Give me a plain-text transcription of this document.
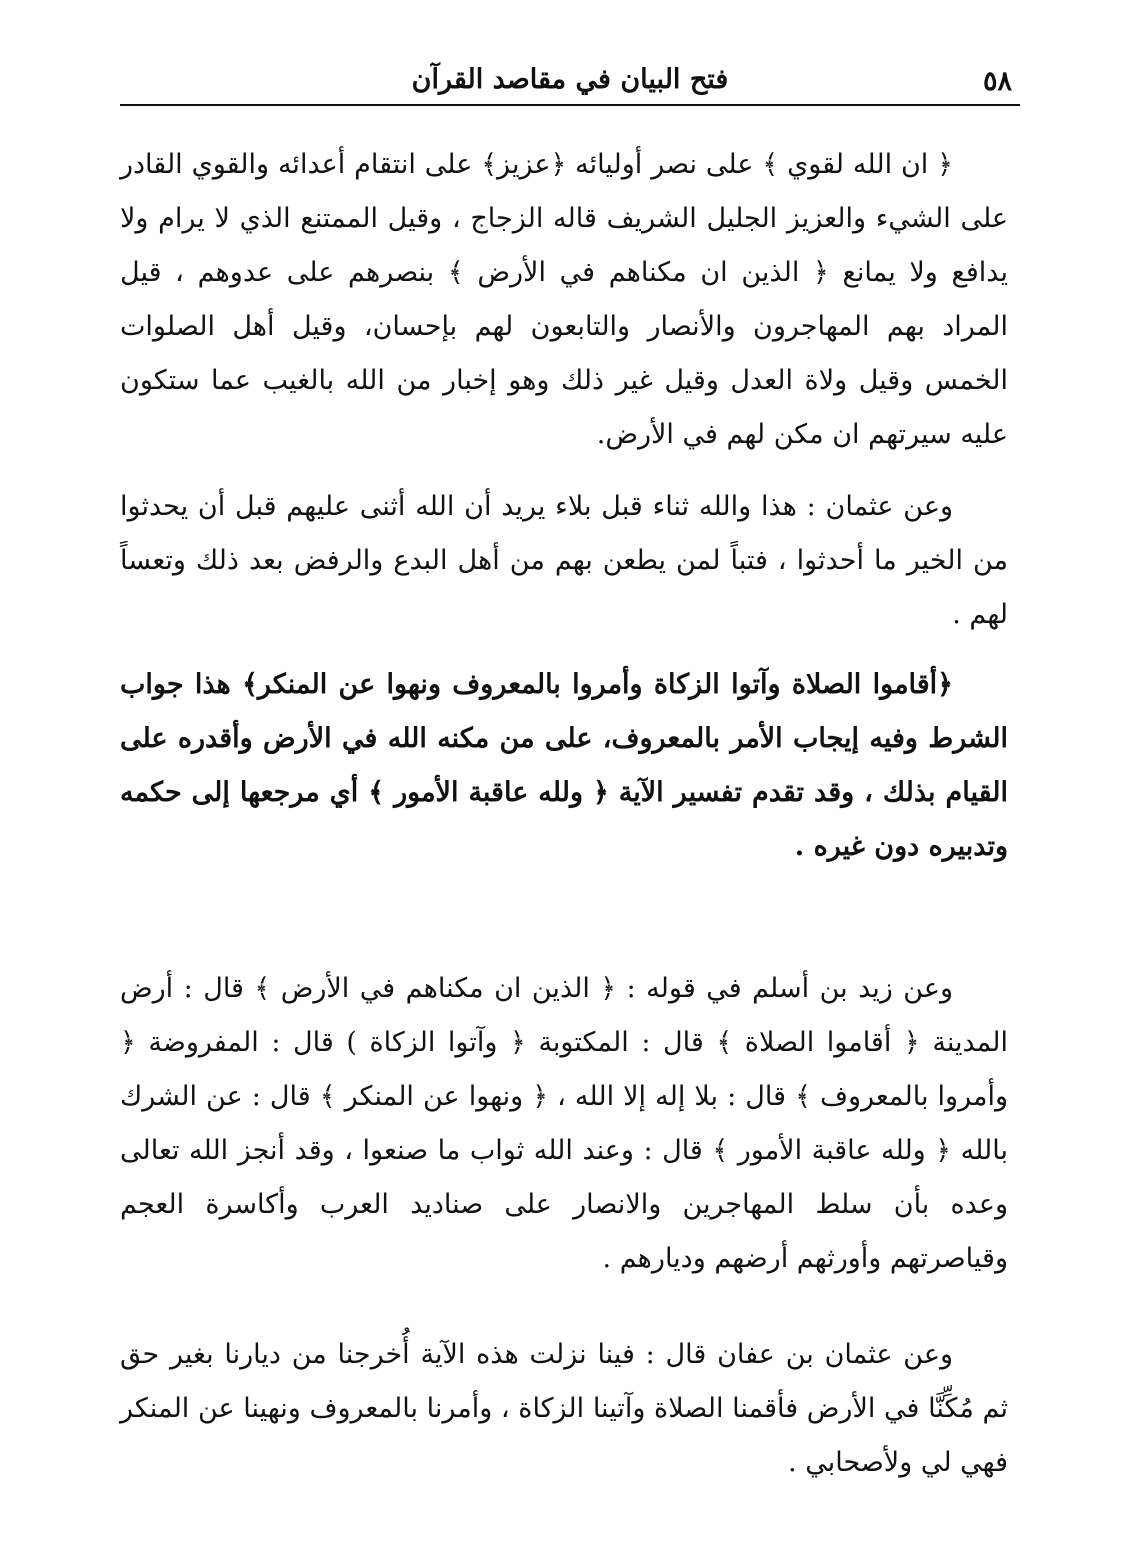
٥٨
فتح البيان في مقاصد القرآن

﴿ ان الله لقوي ﴾ على نصر أوليائه ﴿عزيز﴾ على انتقام أعدائه والقوي القادر على الشيء والعزيز الجليل الشريف قاله الزجاج ، وقيل الممتنع الذي لا يرام ولا يدافع ولا يمانع ﴿ الذين ان مكناهم في الأرض ﴾ بنصرهم على عدوهم ، قيل المراد بهم المهاجرون والأنصار والتابعون لهم بإحسان، وقيل أهل الصلوات الخمس وقيل ولاة العدل وقيل غير ذلك وهو إخبار من الله بالغيب عما ستكون عليه سيرتهم ان مكن لهم في الأرض.

وعن عثمان : هذا والله ثناء قبل بلاء يريد أن الله أثنى عليهم قبل أن يحدثوا من الخير ما أحدثوا ، فتباً لمن يطعن بهم من أهل البدع والرفض بعد ذلك وتعساً لهم .

﴿أقاموا الصلاة وآتوا الزكاة وأمروا بالمعروف ونهوا عن المنكر﴾ هذا جواب الشرط وفيه إيجاب الأمر بالمعروف، على من مكنه الله في الأرض وأقدره على القيام بذلك ، وقد تقدم تفسير الآية ﴿ ولله عاقبة الأمور ﴾ أي مرجعها إلى حكمه وتدبيره دون غيره .

وعن زيد بن أسلم في قوله : ﴿ الذين ان مكناهم في الأرض ﴾ قال : أرض المدينة ﴿ أقاموا الصلاة ﴾ قال : المكتوبة ﴿ وآتوا الزكاة ) قال : المفروضة ﴿ وأمروا بالمعروف ﴾ قال : بلا إله إلا الله ، ﴿ ونهوا عن المنكر ﴾ قال : عن الشرك بالله ﴿ ولله عاقبة الأمور ﴾ قال : وعند الله ثواب ما صنعوا ، وقد أنجز الله تعالى وعده بأن سلط المهاجرين والانصار على صناديد العرب وأكاسرة العجم وقياصرتهم وأورثهم أرضهم وديارهم .

وعن عثمان بن عفان قال : فينا نزلت هذه الآية أُخرجنا من ديارنا بغير حق ثم مُكِّنَّا في الأرض فأقمنا الصلاة وآتينا الزكاة ، وأمرنا بالمعروف ونهينا عن المنكر فهي لي ولأصحابي .
